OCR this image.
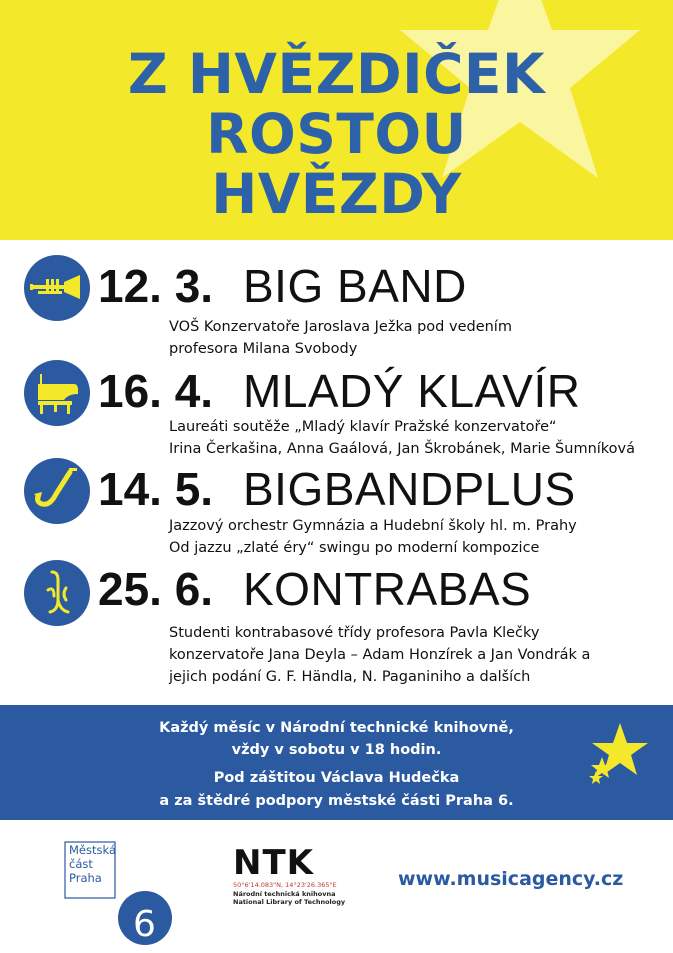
Z HVĚZDIČEK
ROSTOU
HVĚZDY
12. 3. BIG BAND
VOŠ Konzervatoře Jaroslava Ježka pod vedením
profesora Milana Svobody
16. 4. MLADÝ KLAVÍR
Laureáti soutěže „Mladý klavír Pražské konzervatoře“
Irina Čerkašina, Anna Gaálová, Jan Škrobánek, Marie Šumníková
14. 5. BIGBANDPLUS
Jazzový orchestr Gymnázia a Hudební školy hl. m. Prahy
Od jazzu „zlaté éry“ swingu po moderní kompozice
25. 6. KONTRABAS
Studenti kontrabasové třídy profesora Pavla Klečky
konzervatoře Jana Deyla – Adam Honzírek a Jan Vondrák a
jejich podání G. F. Händla, N. Paganiniho a dalších
Každý měsíc v Národní technické knihovně,
vždy v sobotu v 18 hodin.
Pod záštitou Václava Hudečka
a za štědré podpory městské části Praha 6.
Městská
část
Praha
6
NTK
50°6'14.083"N, 14°23'26.365"E
Národní technická knihovna
National Library of Technology
www.musicagency.cz
